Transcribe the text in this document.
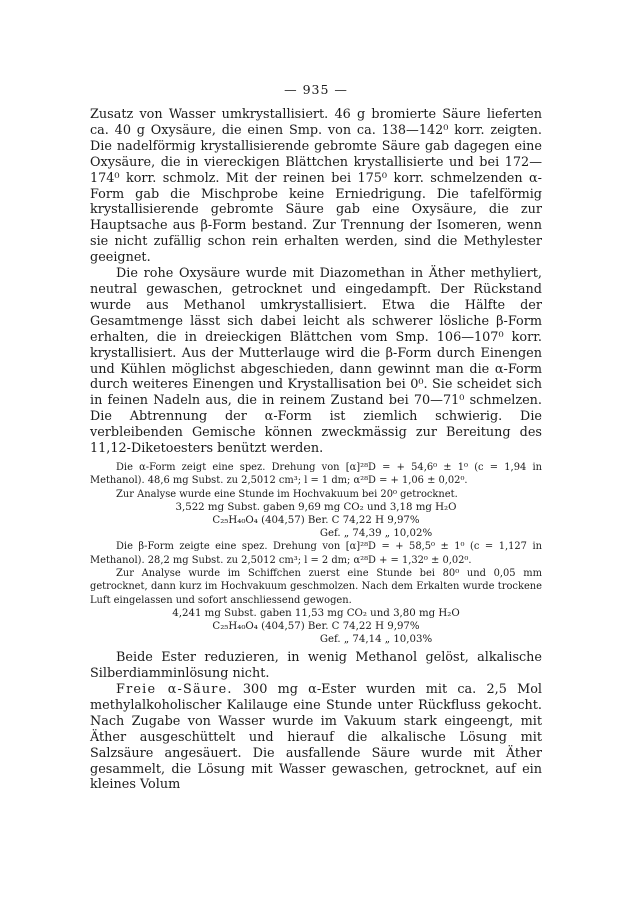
— 935 —

Zusatz von Wasser umkrystallisiert. 46 g bromierte Säure lieferten ca. 40 g Oxysäure, die einen Smp. von ca. 138—142⁰ korr. zeigten. Die nadelförmig krystallisierende gebromte Säure gab dagegen eine Oxysäure, die in viereckigen Blättchen krystallisierte und bei 172—174⁰ korr. schmolz. Mit der reinen bei 175⁰ korr. schmelzenden α-Form gab die Mischprobe keine Erniedrigung. Die tafelförmig krystallisierende gebromte Säure gab eine Oxysäure, die zur Hauptsache aus β-Form bestand. Zur Trennung der Isomeren, wenn sie nicht zufällig schon rein erhalten werden, sind die Methylester geeignet.

Die rohe Oxysäure wurde mit Diazomethan in Äther methyliert, neutral gewaschen, getrocknet und eingedampft. Der Rückstand wurde aus Methanol umkrystallisiert. Etwa die Hälfte der Gesamtmenge lässt sich dabei leicht als schwerer lösliche β-Form erhalten, die in dreieckigen Blättchen vom Smp. 106—107⁰ korr. krystallisiert. Aus der Mutterlauge wird die β-Form durch Einengen und Kühlen möglichst abgeschieden, dann gewinnt man die α-Form durch weiteres Einengen und Krystallisation bei 0⁰. Sie scheidet sich in feinen Nadeln aus, die in reinem Zustand bei 70—71⁰ schmelzen. Die Abtrennung der α-Form ist ziemlich schwierig. Die verbleibenden Gemische können zweckmässig zur Bereitung des 11,12-Diketoesters benützt werden.

Die α-Form zeigt eine spez. Drehung von [α]²⁸D = + 54,6⁰ ± 1⁰ (c = 1,94 in Methanol). 48,6 mg Subst. zu 2,5012 cm³; l = 1 dm; α²⁸D = + 1,06 ± 0,02⁰.

Zur Analyse wurde eine Stunde im Hochvakuum bei 20⁰ getrocknet.

3,522 mg Subst. gaben 9,69 mg CO₂ und 3,18 mg H₂O
C₂₅H₄₀O₄ (404,57) Ber. C 74,22 H 9,97%
Gef. „ 74,39 „ 10,02%

Die β-Form zeigte eine spez. Drehung von [α]²⁸D = + 58,5⁰ ± 1⁰ (c = 1,127 in Methanol). 28,2 mg Subst. zu 2,5012 cm³; l = 2 dm; α²⁸D + = 1,32⁰ ± 0,02⁰.

Zur Analyse wurde im Schiffchen zuerst eine Stunde bei 80⁰ und 0,05 mm getrocknet, dann kurz im Hochvakuum geschmolzen. Nach dem Erkalten wurde trockene Luft eingelassen und sofort anschliessend gewogen.

4,241 mg Subst. gaben 11,53 mg CO₂ und 3,80 mg H₂O
C₂₅H₄₀O₄ (404,57) Ber. C 74,22 H 9,97%
Gef. „ 74,14 „ 10,03%

Beide Ester reduzieren, in wenig Methanol gelöst, alkalische Silberdiamminlösung nicht.

Freie α-Säure. 300 mg α-Ester wurden mit ca. 2,5 Mol methylalkoholischer Kalilauge eine Stunde unter Rückfluss gekocht. Nach Zugabe von Wasser wurde im Vakuum stark eingeengt, mit Äther ausgeschüttelt und hierauf die alkalische Lösung mit Salzsäure angesäuert. Die ausfallende Säure wurde mit Äther gesammelt, die Lösung mit Wasser gewaschen, getrocknet, auf ein kleines Volum
